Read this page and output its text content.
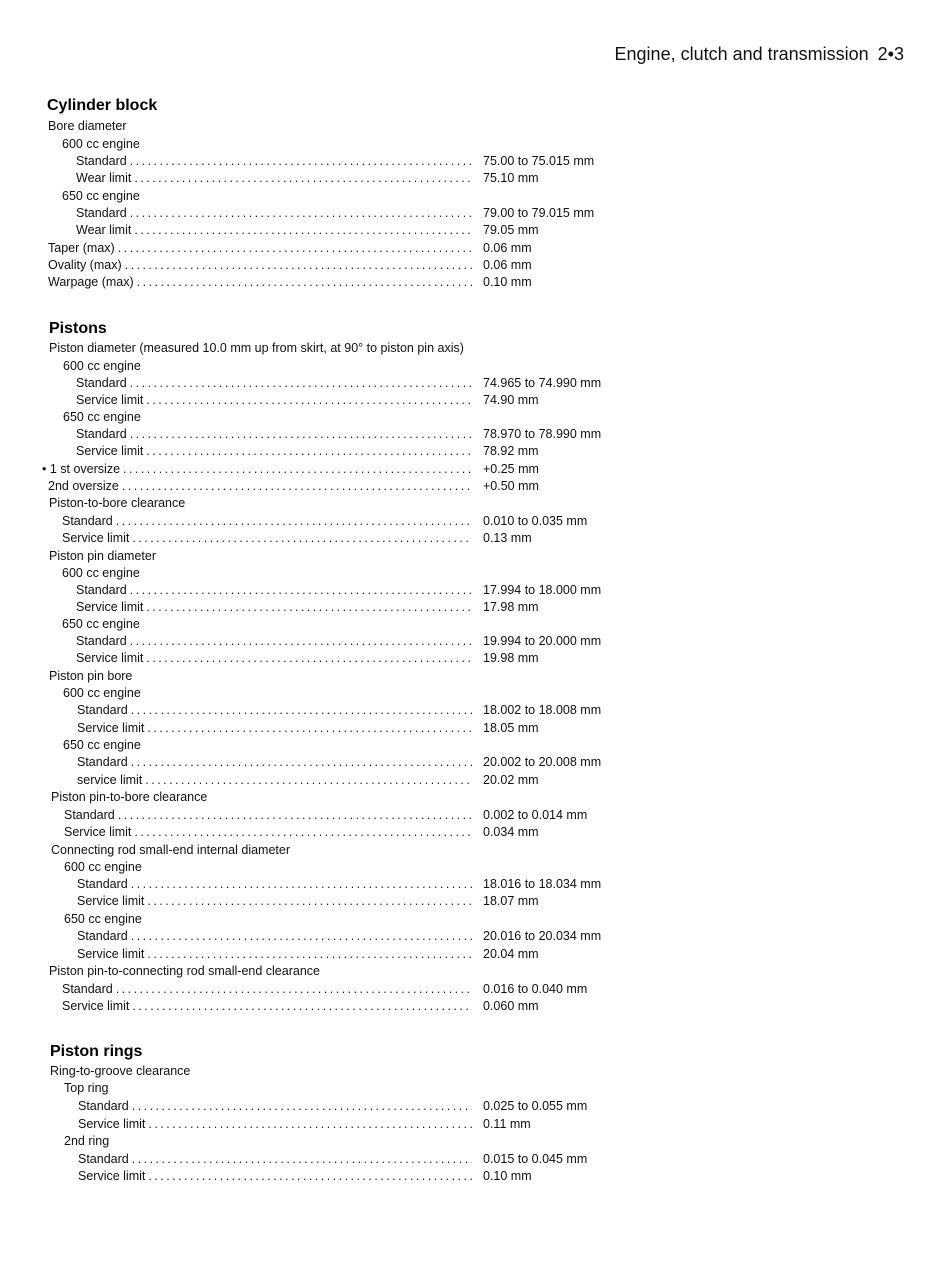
Engine, clutch and transmission 2•3
Cylinder block
Pistons
Piston rings
Bore diameter
600 cc engine
Standard . . .	75.00 to 75.015 mm
Wear limit . . .	75.10 mm
650 cc engine
Standard . . .	79.00 to 79.015 mm
Wear limit . . .	79.05 mm
Taper (max) . . .	0.06 mm
Ovality (max) . . .	0.06 mm
Warpage (max) . . .	0.10 mm
Piston diameter (measured 10.0 mm up from skirt, at 90° to piston pin axis)
600 cc engine
Standard . . .	74.965 to 74.990 mm
Service limit . . .	74.90 mm
650 cc engine
Standard . . .	78.970 to 78.990 mm
Service limit . . .	78.92 mm
• 1 st oversize . . .	+0.25 mm
2nd oversize . . .	+0.50 mm
Piston-to-bore clearance
Standard . . .	0.010 to 0.035 mm
Service limit . . .	0.13 mm
Piston pin diameter
600 cc engine
Standard . . .	17.994 to 18.000 mm
Service limit . . .	17.98 mm
650 cc engine
Standard . . .	19.994 to 20.000 mm
Service limit . . .	19.98 mm
Piston pin bore
600 cc engine
Standard . . .	18.002 to 18.008 mm
Service limit . . .	18.05 mm
650 cc engine
Standard . . .	20.002 to 20.008 mm
service limit . . .	20.02 mm
Piston pin-to-bore clearance
Standard . . .	0.002 to 0.014 mm
Service limit . . .	0.034 mm
Connecting rod small-end internal diameter
600 cc engine
Standard . . .	18.016 to 18.034 mm
Service limit . . .	18.07 mm
650 cc engine
Standard . . .	20.016 to 20.034 mm
Service limit . . .	20.04 mm
Piston pin-to-connecting rod small-end clearance
Standard . . .	0.016 to 0.040 mm
Service limit . . .	0.060 mm
Ring-to-groove clearance
Top ring
Standard . . .	0.025 to 0.055 mm
Service limit . . .	0.11 mm
2nd ring
Standard . . .	0.015 to 0.045 mm
Service limit . . .	0.10 mm
